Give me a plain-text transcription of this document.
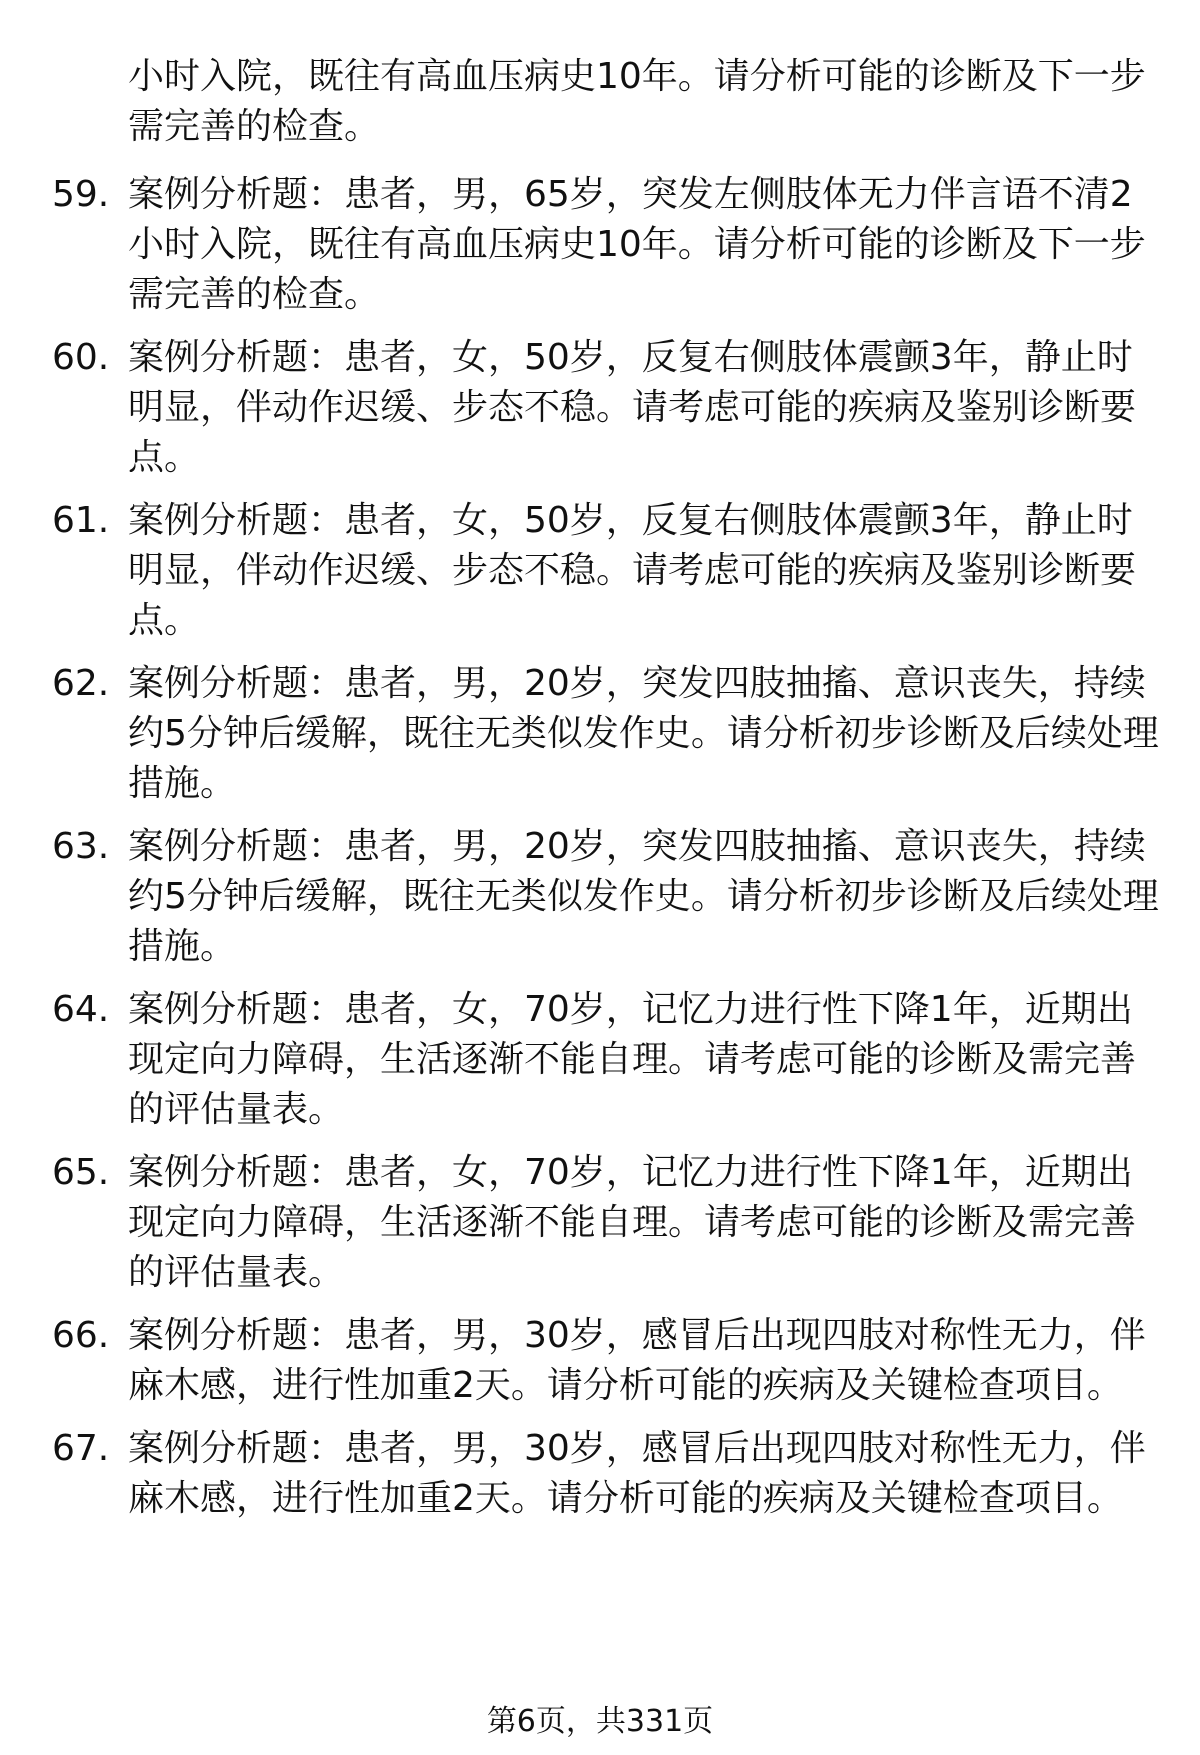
小时入院，既往有高血压病史10年。请分析可能的诊断及下一步
需完善的检查。
59. 案例分析题：患者，男，65岁，突发左侧肢体无力伴言语不清2
小时入院，既往有高血压病史10年。请分析可能的诊断及下一步
需完善的检查。
60. 案例分析题：患者，女，50岁，反复右侧肢体震颤3年，静止时
明显，伴动作迟缓、步态不稳。请考虑可能的疾病及鉴别诊断要
点。
61. 案例分析题：患者，女，50岁，反复右侧肢体震颤3年，静止时
明显，伴动作迟缓、步态不稳。请考虑可能的疾病及鉴别诊断要
点。
62. 案例分析题：患者，男，20岁，突发四肢抽搐、意识丧失，持续
约5分钟后缓解，既往无类似发作史。请分析初步诊断及后续处理
措施。
63. 案例分析题：患者，男，20岁，突发四肢抽搐、意识丧失，持续
约5分钟后缓解，既往无类似发作史。请分析初步诊断及后续处理
措施。
64. 案例分析题：患者，女，70岁，记忆力进行性下降1年，近期出
现定向力障碍，生活逐渐不能自理。请考虑可能的诊断及需完善
的评估量表。
65. 案例分析题：患者，女，70岁，记忆力进行性下降1年，近期出
现定向力障碍，生活逐渐不能自理。请考虑可能的诊断及需完善
的评估量表。
66. 案例分析题：患者，男，30岁，感冒后出现四肢对称性无力，伴
麻木感，进行性加重2天。请分析可能的疾病及关键检查项目。
67. 案例分析题：患者，男，30岁，感冒后出现四肢对称性无力，伴
麻木感，进行性加重2天。请分析可能的疾病及关键检查项目。
第6页，共331页
